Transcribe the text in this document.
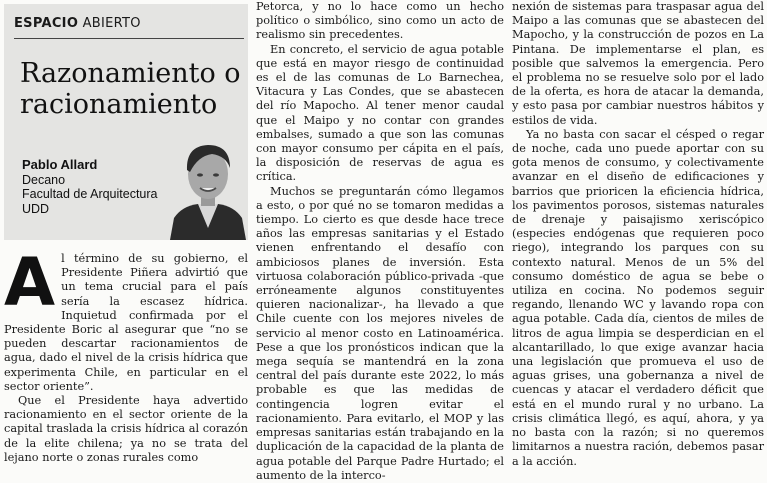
ESPACIO ABIERTO
Razonamiento o racionamiento
Pablo Allard
Decano
Facultad de Arquitectura
UDD

Al término de su gobierno, el Presidente Piñera advirtió que un tema crucial para el país sería la escasez hídrica. Inquietud confirmada por el Presidente Boric al asegurar que “no se pueden descartar racionamientos de agua, dado el nivel de la crisis hídrica que experimenta Chile, en particular en el sector oriente”.

Que el Presidente haya advertido racionamiento en el sector oriente de la capital traslada la crisis hídrica al corazón de la elite chilena; ya no se trata del lejano norte o zonas rurales como

Petorca, y no lo hace como un hecho político o simbólico, sino como un acto de realismo sin precedentes.

En concreto, el servicio de agua potable que está en mayor riesgo de continuidad es el de las comunas de Lo Barnechea, Vitacura y Las Condes, que se abastecen del río Mapocho. Al tener menor caudal que el Maipo y no contar con grandes embalses, sumado a que son las comunas con mayor consumo per cápita en el país, la disposición de reservas de agua es crítica.

Muchos se preguntarán cómo llegamos a esto, o por qué no se tomaron medidas a tiempo. Lo cierto es que desde hace trece años las empresas sanitarias y el Estado vienen enfrentando el desafío con ambiciosos planes de inversión. Esta virtuosa colaboración público-privada -que erróneamente algunos constituyentes quieren nacionalizar-, ha llevado a que Chile cuente con los mejores niveles de servicio al menor costo en Latinoamérica. Pese a que los pronósticos indican que la mega sequía se mantendrá en la zona central del país durante este 2022, lo más probable es que las medidas de contingencia logren evitar el racionamiento. Para evitarlo, el MOP y las empresas sanitarias están trabajando en la duplicación de la capacidad de la planta de agua potable del Parque Padre Hurtado; el aumento de la interco-

nexión de sistemas para traspasar agua del Maipo a las comunas que se abastecen del Mapocho, y la construcción de pozos en La Pintana. De implementarse el plan, es posible que salvemos la emergencia. Pero el problema no se resuelve solo por el lado de la oferta, es hora de atacar la demanda, y esto pasa por cambiar nuestros hábitos y estilos de vida.

Ya no basta con sacar el césped o regar de noche, cada uno puede aportar con su gota menos de consumo, y colectivamente avanzar en el diseño de edificaciones y barrios que prioricen la eficiencia hídrica, los pavimentos porosos, sistemas naturales de drenaje y paisajismo xeriscópico (especies endógenas que requieren poco riego), integrando los parques con su contexto natural. Menos de un 5% del consumo doméstico de agua se bebe o utiliza en cocina. No podemos seguir regando, llenando WC y lavando ropa con agua potable. Cada día, cientos de miles de litros de agua limpia se desperdician en el alcantarillado, lo que exige avanzar hacia una legislación que promueva el uso de aguas grises, una gobernanza a nivel de cuencas y atacar el verdadero déficit que está en el mundo rural y no urbano. La crisis climática llegó, es aquí, ahora, y ya no basta con la razón; si no queremos limitarnos a nuestra ración, debemos pasar a la acción.
